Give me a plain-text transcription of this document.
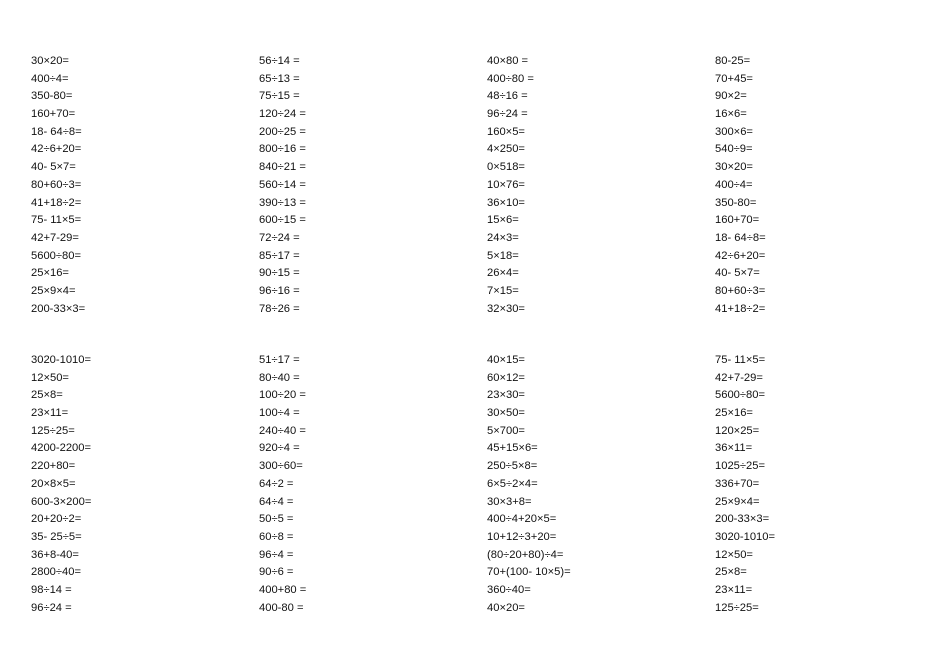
30×20=
400÷4=
350-80=
160+70=
18- 64÷8=
42÷6+20=
40- 5×7=
80+60÷3=
41+18÷2=
75- 11×5=
42+7-29=
5600÷80=
25×16=
25×9×4=
200-33×3=
56÷14 =
65÷13 =
75÷15 =
120÷24 =
200÷25 =
800÷16 =
840÷21 =
560÷14 =
390÷13 =
600÷15 =
72÷24 =
85÷17 =
90÷15 =
96÷16 =
78÷26 =
40×80 =
400÷80 =
48÷16 =
96÷24 =
160×5=
4×250=
0×518=
10×76=
36×10=
15×6=
24×3=
5×18=
26×4=
7×15=
32×30=
80-25=
70+45=
90×2=
16×6=
300×6=
540÷9=
30×20=
400÷4=
350-80=
160+70=
18- 64÷8=
42÷6+20=
40- 5×7=
80+60÷3=
41+18÷2=
3020-1010=
12×50=
25×8=
23×11=
125÷25=
4200-2200=
220+80=
20×8×5=
600-3×200=
20+20÷2=
35- 25÷5=
36+8-40=
2800÷40=
98÷14 =
96÷24 =
51÷17 =
80÷40 =
100÷20 =
100÷4 =
240÷40 =
920÷4 =
300÷60=
64÷2 =
64÷4 =
50÷5 =
60÷8 =
96÷4 =
90÷6 =
400+80 =
400-80 =
40×15=
60×12=
23×30=
30×50=
5×700=
45+15×6=
250÷5×8=
6×5÷2×4=
30×3+8=
400÷4+20×5=
10+12÷3+20=
(80÷20+80)÷4=
70+(100- 10×5)=
360÷40=
40×20=
75- 11×5=
42+7-29=
5600÷80=
25×16=
120×25=
36×11=
1025÷25=
336+70=
25×9×4=
200-33×3=
3020-1010=
12×50=
25×8=
23×11=
125÷25=
